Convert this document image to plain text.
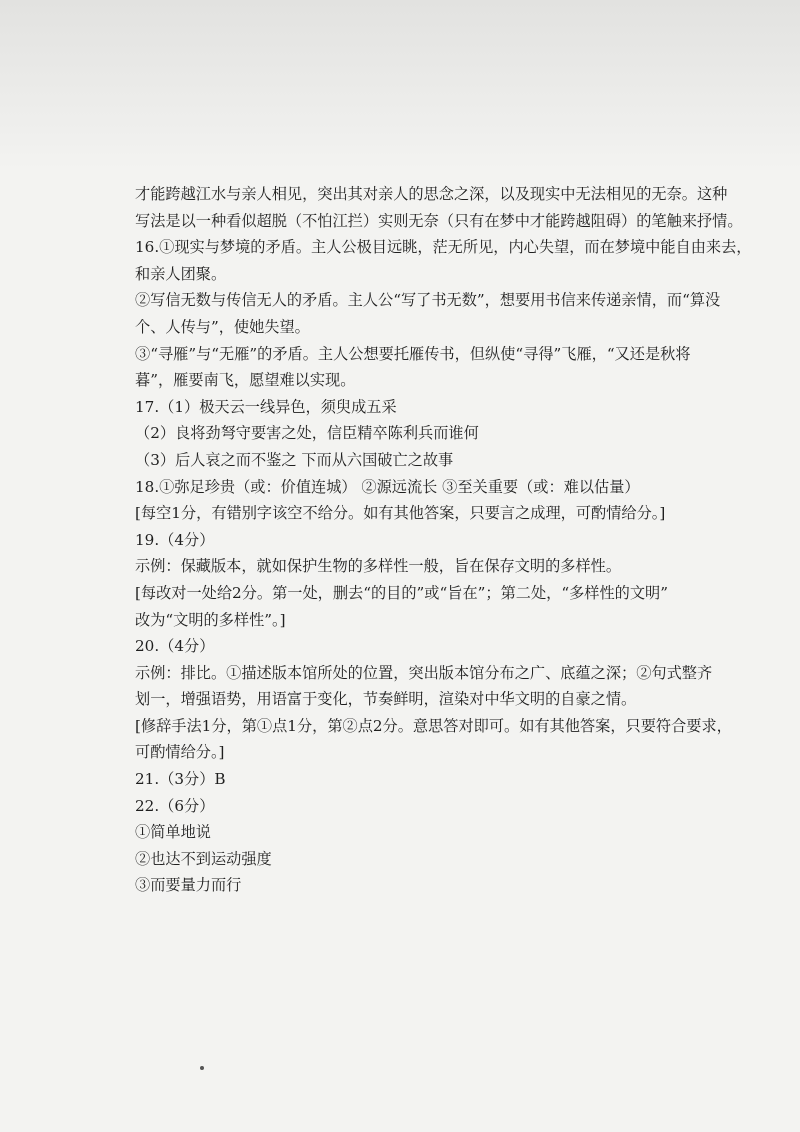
才能跨越江水与亲人相见，突出其对亲人的思念之深，以及现实中无法相见的无奈。这种
写法是以一种看似超脱（不怕江拦）实则无奈（只有在梦中才能跨越阻碍）的笔触来抒情。
16.①现实与梦境的矛盾。主人公极目远眺，茫无所见，内心失望，而在梦境中能自由来去，
和亲人团聚。
②写信无数与传信无人的矛盾。主人公“写了书无数”，想要用书信来传递亲情，而“算没
个、人传与”，使她失望。
③“寻雁”与“无雁”的矛盾。主人公想要托雁传书，但纵使“寻得”飞雁，“又还是秋将
暮”，雁要南飞，愿望难以实现。
17.（1）极天云一线异色，须臾成五采
（2）良将劲弩守要害之处，信臣精卒陈利兵而谁何
（3）后人哀之而不鉴之 下而从六国破亡之故事
18.①弥足珍贵（或：价值连城） ②源远流长 ③至关重要（或：难以估量）
[每空1分，有错别字该空不给分。如有其他答案，只要言之成理，可酌情给分。]
19.（4分）
示例：保藏版本，就如保护生物的多样性一般，旨在保存文明的多样性。
[每改对一处给2分。第一处，删去“的目的”或“旨在”；第二处，“多样性的文明”
改为“文明的多样性”。]
20.（4分）
示例：排比。①描述版本馆所处的位置，突出版本馆分布之广、底蕴之深；②句式整齐
划一，增强语势，用语富于变化，节奏鲜明，渲染对中华文明的自豪之情。
[修辞手法1分，第①点1分，第②点2分。意思答对即可。如有其他答案，只要符合要求，
可酌情给分。]
21.（3分）B
22.（6分）
①简单地说
②也达不到运动强度
③而要量力而行
